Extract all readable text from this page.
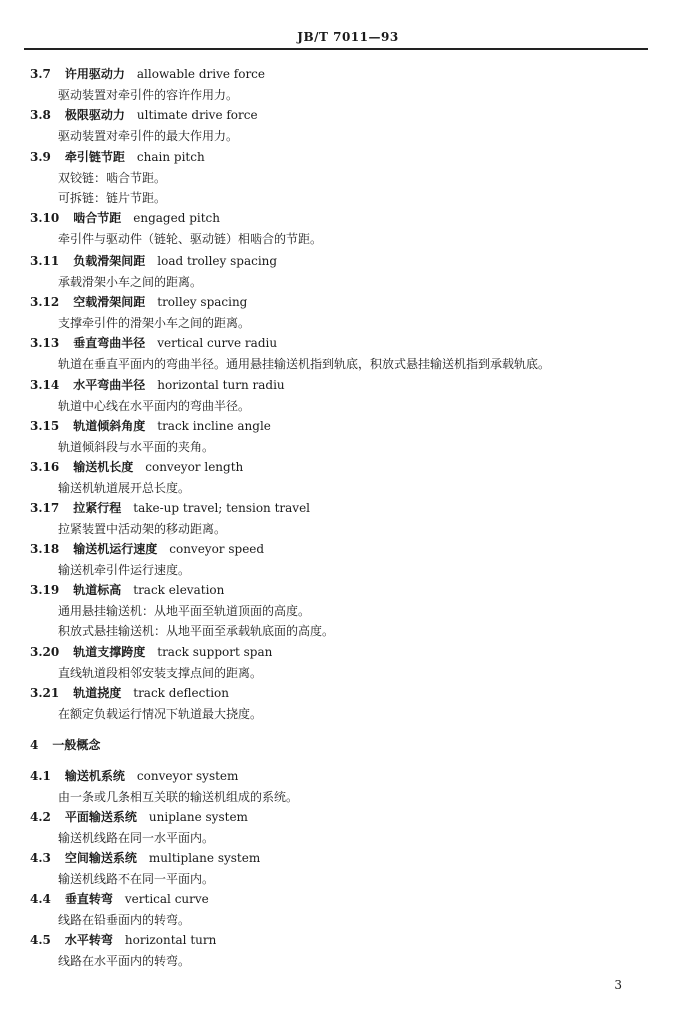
JB/T 7011—93
3.7 许用驱动力 allowable drive force
驱动装置对牵引件的容许作用力。
3.8 极限驱动力 ultimate drive force
驱动装置对牵引件的最大作用力。
3.9 牵引链节距 chain pitch
双铰链：啮合节距。
可拆链：链片节距。
3.10 啮合节距 engaged pitch
牵引件与驱动件（链轮、驱动链）相啮合的节距。
3.11 负载滑架间距 load trolley spacing
承载滑架小车之间的距离。
3.12 空载滑架间距 trolley spacing
支撑牵引件的滑架小车之间的距离。
3.13 垂直弯曲半径 vertical curve radiu
轨道在垂直平面内的弯曲半径。通用悬挂输送机指到轨底，积放式悬挂输送机指到承载轨底。
3.14 水平弯曲半径 horizontal turn radiu
轨道中心线在水平面内的弯曲半径。
3.15 轨道倾斜角度 track incline angle
轨道倾斜段与水平面的夹角。
3.16 输送机长度 conveyor length
输送机轨道展开总长度。
3.17 拉紧行程 take-up travel; tension travel
拉紧装置中活动架的移动距离。
3.18 输送机运行速度 conveyor speed
输送机牵引件运行速度。
3.19 轨道标高 track elevation
通用悬挂输送机：从地平面至轨道顶面的高度。
积放式悬挂输送机：从地平面至承载轨底面的高度。
3.20 轨道支撑跨度 track support span
直线轨道段相邻安装支撑点间的距离。
3.21 轨道挠度 track deflection
在额定负载运行情况下轨道最大挠度。
4 一般概念
4.1 输送机系统 conveyor system
由一条或几条相互关联的输送机组成的系统。
4.2 平面输送系统 uniplane system
输送机线路在同一水平面内。
4.3 空间输送系统 multiplane system
输送机线路不在同一平面内。
4.4 垂直转弯 vertical curve
线路在铅垂面内的转弯。
4.5 水平转弯 horizontal turn
线路在水平面内的转弯。
3
